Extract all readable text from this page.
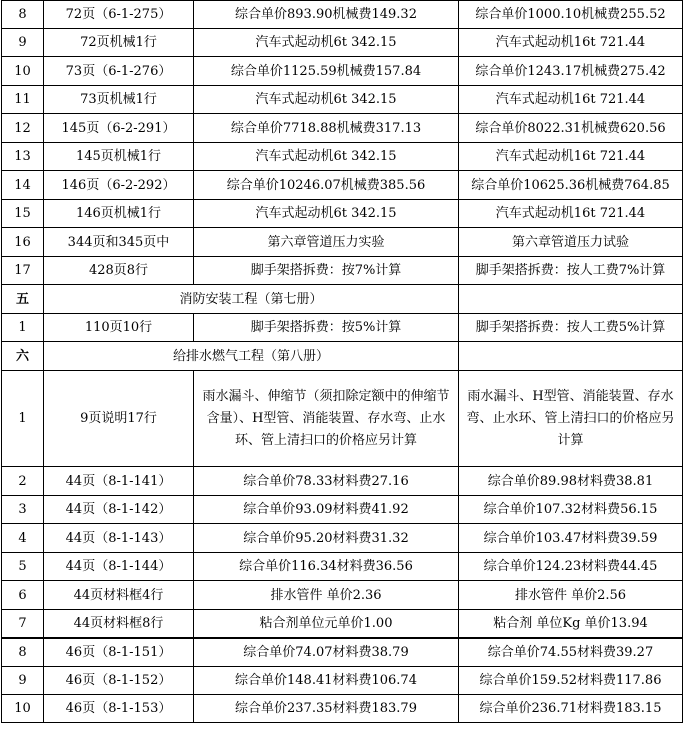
8	72页（6-1-275）	综合单价893.90机械费149.32	综合单价1000.10机械费255.52
9	72页机械1行	汽车式起动机6t 342.15	汽车式起动机16t 721.44
10	73页（6-1-276）	综合单价1125.59机械费157.84	综合单价1243.17机械费275.42
11	73页机械1行	汽车式起动机6t 342.15	汽车式起动机16t 721.44
12	145页（6-2-291）	综合单价7718.88机械费317.13	综合单价8022.31机械费620.56
13	145页机械1行	汽车式起动机6t 342.15	汽车式起动机16t 721.44
14	146页（6-2-292）	综合单价10246.07机械费385.56	综合单价10625.36机械费764.85
15	146页机械1行	汽车式起动机6t 342.15	汽车式起动机16t 721.44
16	344页和345页中	第六章管道压力实验	第六章管道压力试验
17	428页8行	脚手架搭拆费：按7%计算	脚手架搭拆费：按人工费7%计算
五	消防安装工程（第七册）		
1	110页10行	脚手架搭拆费：按5%计算	脚手架搭拆费：按人工费5%计算
六	给排水燃气工程（第八册）		
1	9页说明17行	雨水漏斗、伸缩节（须扣除定额中的伸缩节含量）、H型管、消能装置、存水弯、止水环、管上清扫口的价格应另计算	雨水漏斗、H型管、消能装置、存水弯、止水环、管上清扫口的价格应另计算
2	44页（8-1-141）	综合单价78.33材料费27.16	综合单价89.98材料费38.81
3	44页（8-1-142）	综合单价93.09材料费41.92	综合单价107.32材料费56.15
4	44页（8-1-143）	综合单价95.20材料费31.32	综合单价103.47材料费39.59
5	44页（8-1-144）	综合单价116.34材料费36.56	综合单价124.23材料费44.45
6	44页材料框4行	排水管件 单价2.36	排水管件 单价2.56
7	44页材料框8行	粘合剂单位元单价1.00	粘合剂 单位Kg 单价13.94
8	46页（8-1-151）	综合单价74.07材料费38.79	综合单价74.55材料费39.27
9	46页（8-1-152）	综合单价148.41材料费106.74	综合单价159.52材料费117.86
10	46页（8-1-153）	综合单价237.35材料费183.79	综合单价236.71材料费183.15
